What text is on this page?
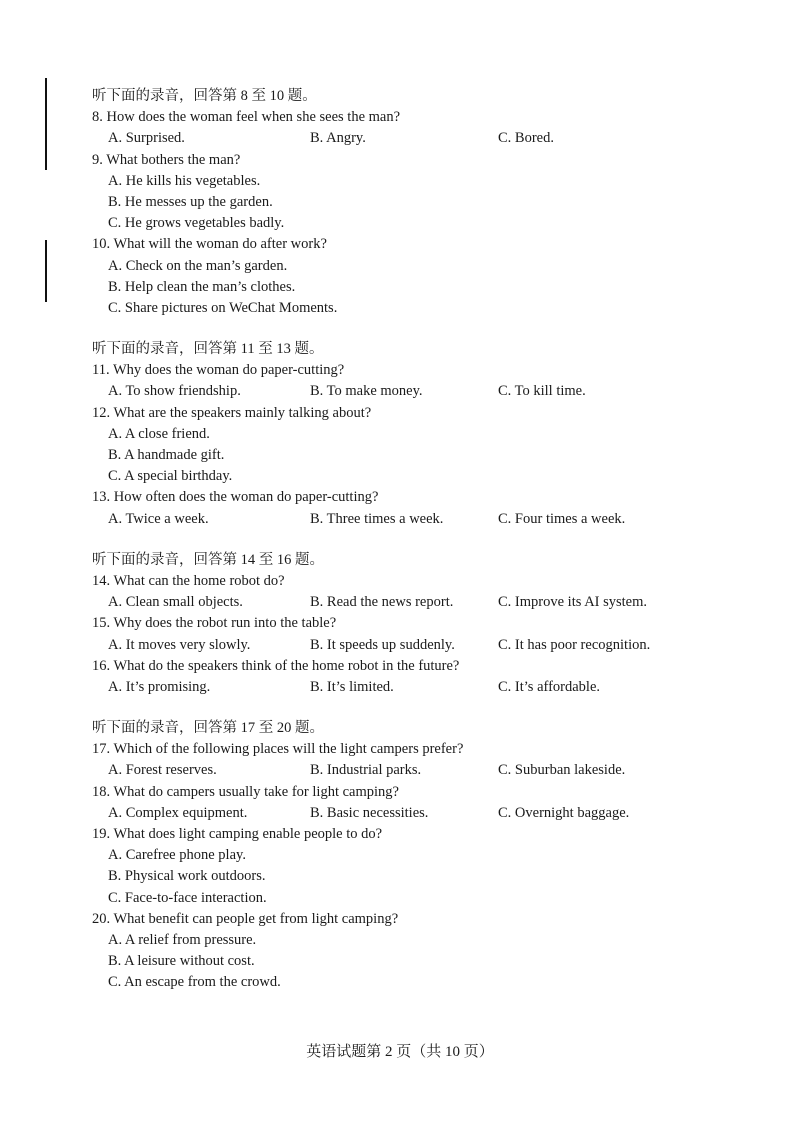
听下面的录音，回答第 8 至 10 题。
8. How does the woman feel when she sees the man?
A. Surprised.	B. Angry.	C. Bored.
9. What bothers the man?
A. He kills his vegetables.
B. He messes up the garden.
C. He grows vegetables badly.
10. What will the woman do after work?
A. Check on the man’s garden.
B. Help clean the man’s clothes.
C. Share pictures on WeChat Moments.
听下面的录音，回答第 11 至 13 题。
11. Why does the woman do paper-cutting?
A. To show friendship.	B. To make money.	C. To kill time.
12. What are the speakers mainly talking about?
A. A close friend.
B. A handmade gift.
C. A special birthday.
13. How often does the woman do paper-cutting?
A. Twice a week.	B. Three times a week.	C. Four times a week.
听下面的录音，回答第 14 至 16 题。
14. What can the home robot do?
A. Clean small objects.	B. Read the news report.	C. Improve its AI system.
15. Why does the robot run into the table?
A. It moves very slowly.	B. It speeds up suddenly.	C. It has poor recognition.
16. What do the speakers think of the home robot in the future?
A. It’s promising.	B. It’s limited.	C. It’s affordable.
听下面的录音，回答第 17 至 20 题。
17. Which of the following places will the light campers prefer?
A. Forest reserves.	B. Industrial parks.	C. Suburban lakeside.
18. What do campers usually take for light camping?
A. Complex equipment.	B. Basic necessities.	C. Overnight baggage.
19. What does light camping enable people to do?
A. Carefree phone play.
B. Physical work outdoors.
C. Face-to-face interaction.
20. What benefit can people get from light camping?
A. A relief from pressure.
B. A leisure without cost.
C. An escape from the crowd.
英语试题第 2 页（共 10 页）
